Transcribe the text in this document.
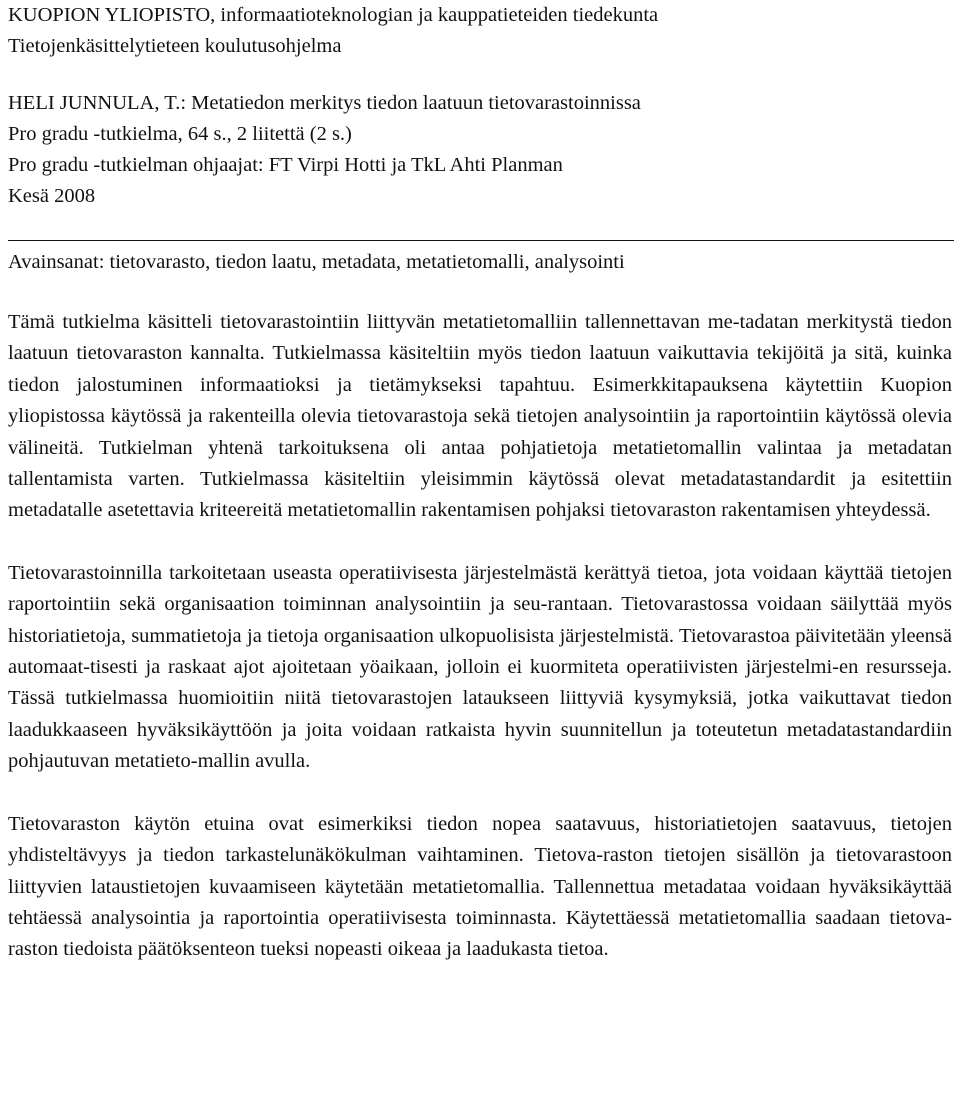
KUOPION YLIOPISTO, informaatioteknologian ja kauppatieteiden tiedekunta
Tietojenkäsittelytieteen koulutusohjelma
HELI JUNNULA, T.: Metatiedon merkitys tiedon laatuun tietovarastoinnissa
Pro gradu -tutkielma, 64 s., 2 liitettä (2 s.)
Pro gradu -tutkielman ohjaajat: FT Virpi Hotti ja TkL Ahti Planman
Kesä 2008
Avainsanat: tietovarasto, tiedon laatu, metadata, metatietomalli, analysointi

Tämä tutkielma käsitteli tietovarastointiin liittyvän metatietomalliin tallennettavan me-tadatan merkitystä tiedon laatuun tietovaraston kannalta. Tutkielmassa käsiteltiin myös tiedon laatuun vaikuttavia tekijöitä ja sitä, kuinka tiedon jalostuminen informaatioksi ja tietämykseksi tapahtuu. Esimerkkitapauksena käytettiin Kuopion yliopistossa käytössä ja rakenteilla olevia tietovarastoja sekä tietojen analysointiin ja raportointiin käytössä olevia välineitä. Tutkielman yhtenä tarkoituksena oli antaa pohjatietoja metatietomallin valintaa ja metadatan tallentamista varten. Tutkielmassa käsiteltiin yleisimmin käytössä olevat metadatastandardit ja esitettiin metadatalle asetettavia kriteereitä metatietomallin rakentamisen pohjaksi tietovaraston rakentamisen yhteydessä.

Tietovarastoinnilla tarkoitetaan useasta operatiivisesta järjestelmästä kerättyä tietoa, jota voidaan käyttää tietojen raportointiin sekä organisaation toiminnan analysointiin ja seu-rantaan. Tietovarastossa voidaan säilyttää myös historiatietoja, summatietoja ja tietoja organisaation ulkopuolisista järjestelmistä. Tietovarastoa päivitetään yleensä automaat-tisesti ja raskaat ajot ajoitetaan yöaikaan, jolloin ei kuormiteta operatiivisten järjestelmi-en resursseja. Tässä tutkielmassa huomioitiin niitä tietovarastojen lataukseen liittyviä kysymyksiä, jotka vaikuttavat tiedon laadukkaaseen hyväksikäyttöön ja joita voidaan ratkaista hyvin suunnitellun ja toteutetun metadatastandardiin pohjautuvan metatieto-mallin avulla.

Tietovaraston käytön etuina ovat esimerkiksi tiedon nopea saatavuus, historiatietojen saatavuus, tietojen yhdisteltävyys ja tiedon tarkastelunäkökulman vaihtaminen. Tietova-raston tietojen sisällön ja tietovarastoon liittyvien lataustietojen kuvaamiseen käytetään metatietomallia. Tallennettua metadataa voidaan hyväksikäyttää tehtäessä analysointia ja raportointia operatiivisesta toiminnasta. Käytettäessä metatietomallia saadaan tietova-raston tiedoista päätöksenteon tueksi nopeasti oikeaa ja laadukasta tietoa.
